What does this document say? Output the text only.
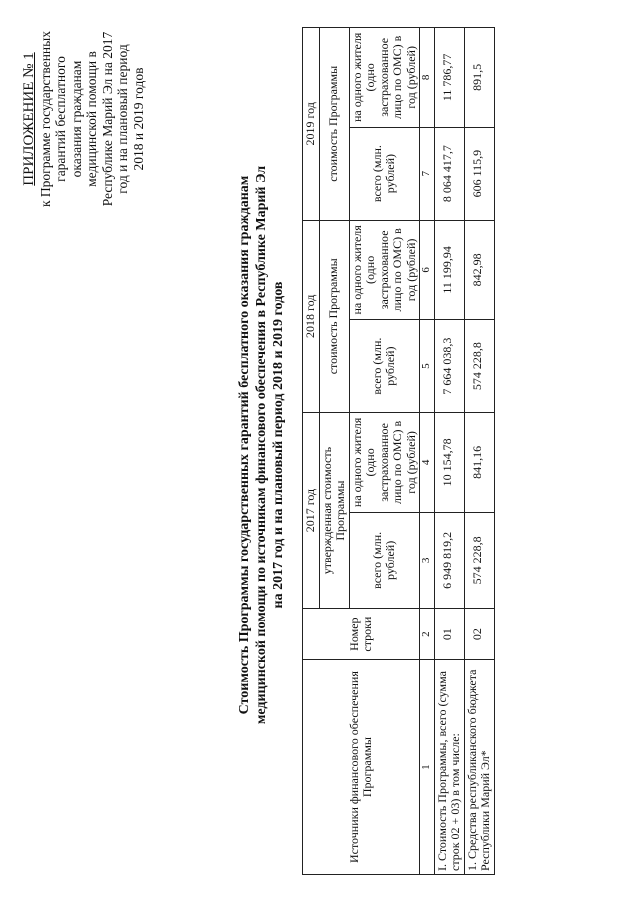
ПРИЛОЖЕНИЕ № 1 к Программе государственных гарантий бесплатного оказания гражданам медицинской помощи в Республике Марий Эл на 2017 год и на плановый период 2018 и 2019 годов
Стоимость Программы государственных гарантий бесплатного оказания гражданам медицинской помощи по источникам финансового обеспечения в Республике Марий Эл на 2017 год и на плановый период 2018 и 2019 годов
Источники финансового обеспечения Программы	Номер строки	2017 год		2018 год		2019 год	
		утвержденная стоимость Программы		стоимость Программы		стоимость Программы	
		всего (млн. рублей)	на одного жителя (одно застрахованное лицо по ОМС) в год (рублей)	всего (млн. рублей)	на одного жителя (одно застрахованное лицо по ОМС) в год (рублей)	всего (млн. рублей)	на одного жителя (одно застрахованное лицо по ОМС) в год (рублей)
1	2	3	4	5	6	7	8
I. Стоимость Программы, всего (сумма строк 02 + 03) в том числе:	01	6 949 819,2	10 154,78	7 664 038,3	11 199,94	8 064 417,7	11 786,77
1. Средства республиканского бюджета Республики Марий Эл*	02	574 228,8	841,16	574 228,8	842,98	606 115,9	891,5
